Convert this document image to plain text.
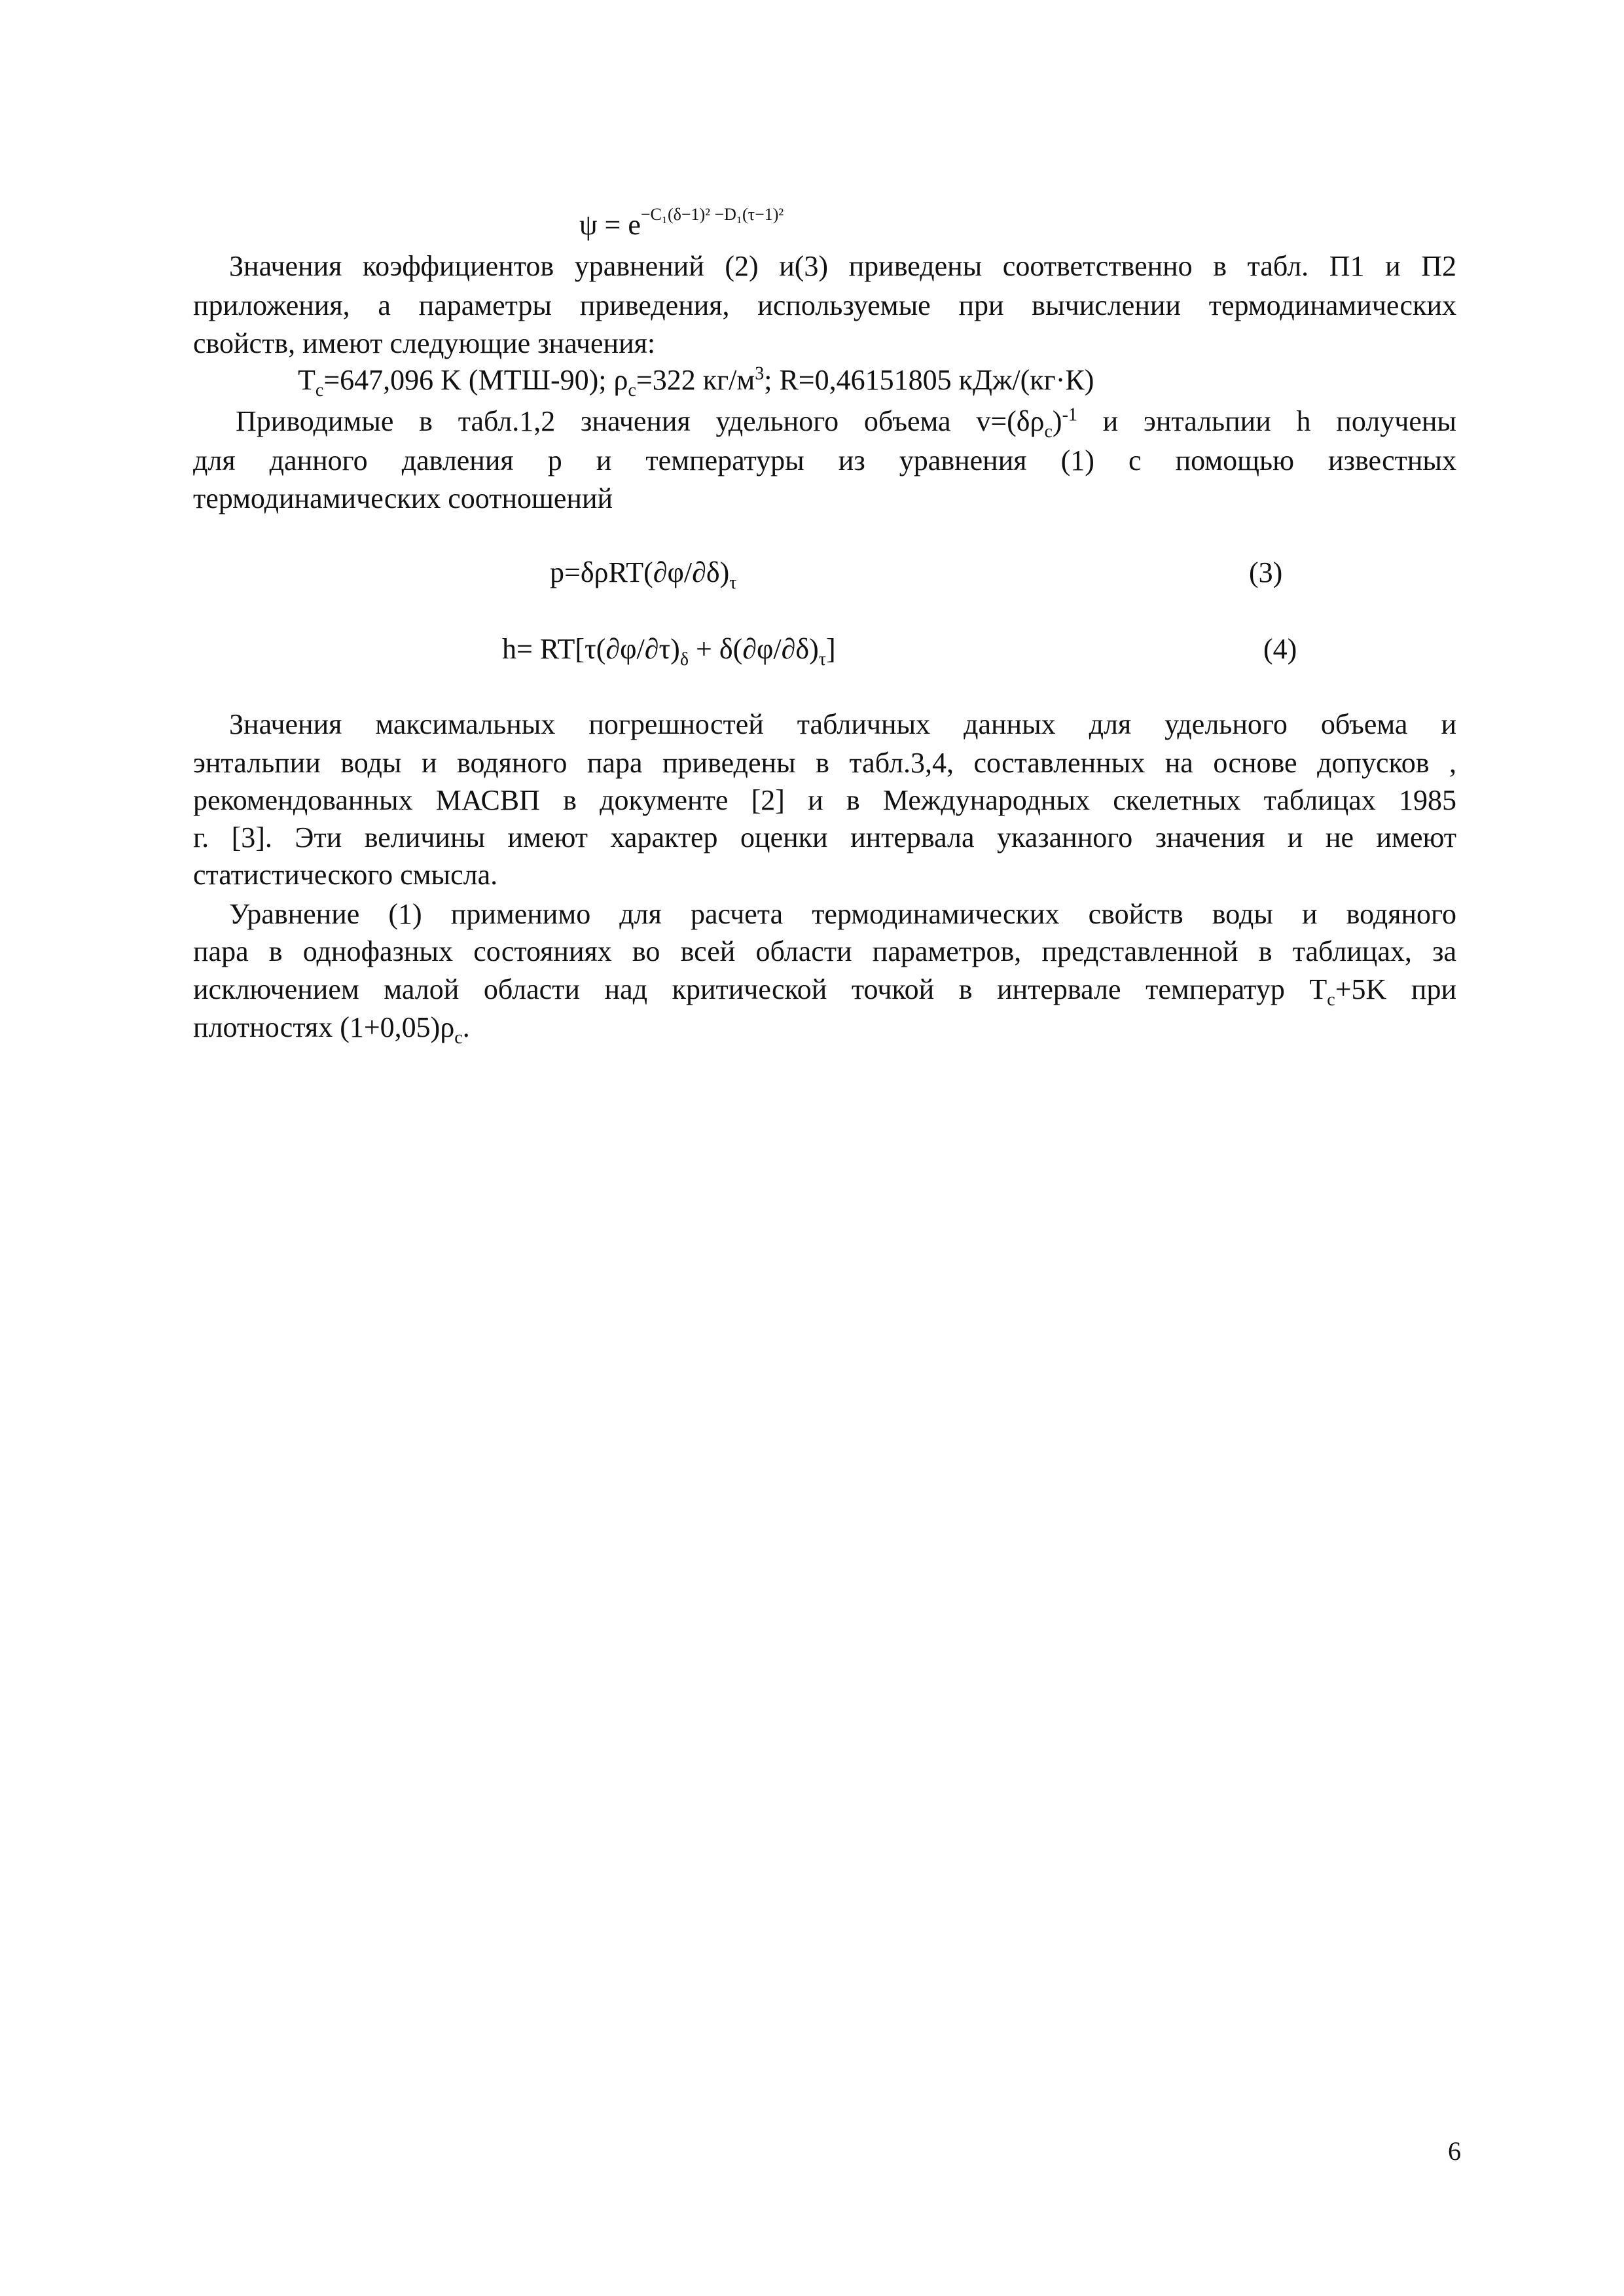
$\psi = e^{-C_1(\delta-1)^2 -D_1(\tau-1)^2}$
Значения коэффициентов уравнений (2) и(3) приведены соответственно в табл. П1 и П2
приложения, а параметры приведения, используемые при вычислении термодинамических
свойств, имеют следующие значения:
$T_c=647,096$ K (МТШ-90); $\rho_c=322$ $кг/м^3$; R=0,46151805 кДж/(кг·К)
Приводимые в табл.1,2 значения удельного объема $v=(\delta\rho_c)^{-1}$ и энтальпии h получены
для данного давления р и температуры из уравнения (1) с помощью известных
термодинамических соотношений
$p=\delta\rho RT(\partial\varphi/\partial\delta)_\tau$	(3)
$h= RT[\tau(\partial\varphi/\partial\tau)_\delta + \delta(\partial\varphi/\partial\delta)_\tau]$	(4)
Значения максимальных погрешностей табличных данных для удельного объема и
энтальпии воды и водяного пара приведены в табл.3,4, составленных на основе допусков ,
рекомендованных МАСВП в документе [2] и в Международных скелетных таблицах 1985
г. [3]. Эти величины имеют характер оценки интервала указанного значения и не имеют
статистического смысла.
Уравнение (1) применимо для расчета термодинамических свойств воды и водяного
пара в однофазных состояниях во всей области параметров, представленной в таблицах, за
исключением малой области над критической точкой в интервале температур $T_c+5K$ при
плотностях $(1+0,05)\rho_c$.
6
